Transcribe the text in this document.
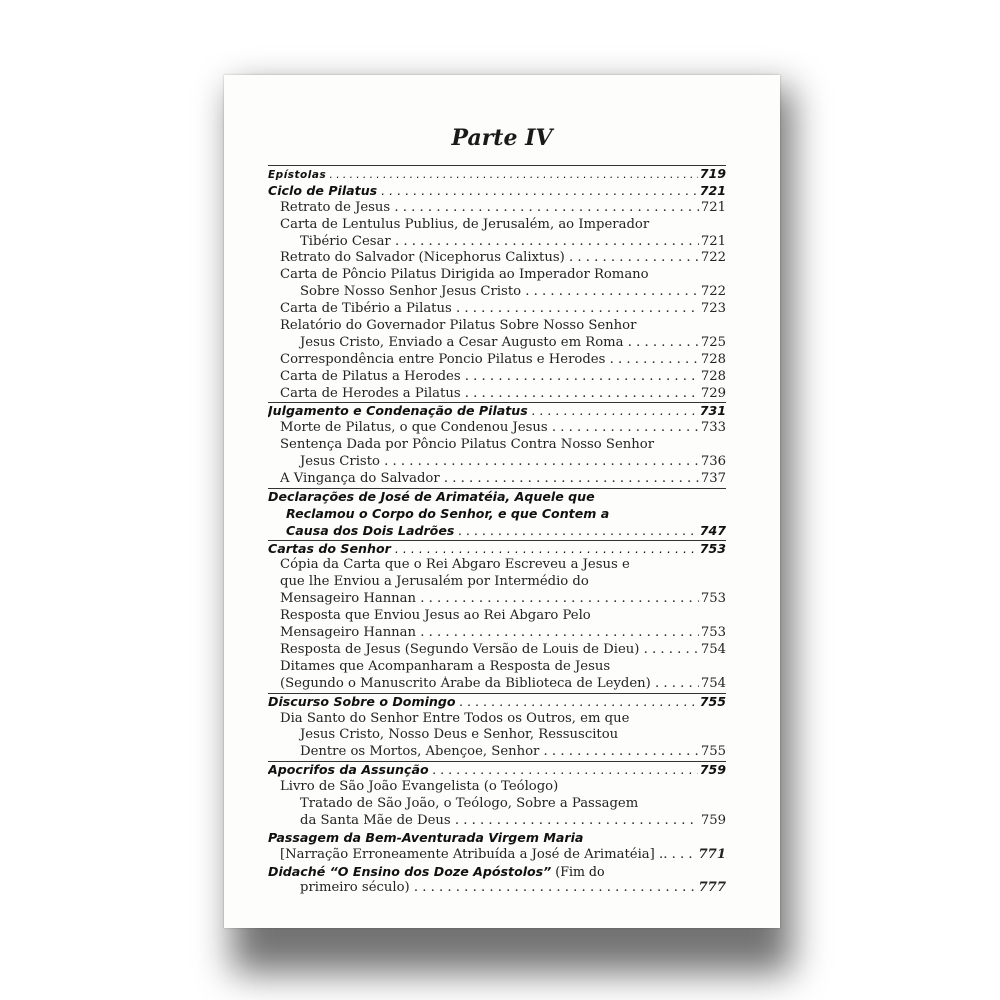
Parte IV
Epístolas . . .	719
Ciclo de Pilatus . . .	721
Retrato de Jesus . . .	721
Carta de Lentulus Publius, de Jerusalém, ao Imperador
Tibério Cesar . . .	721
Retrato do Salvador (Nicephorus Calixtus) . . .	722
Carta de Pôncio Pilatus Dirigida ao Imperador Romano
Sobre Nosso Senhor Jesus Cristo . . .	722
Carta de Tibério a Pilatus . . .	723
Relatório do Governador Pilatus Sobre Nosso Senhor
Jesus Cristo, Enviado a Cesar Augusto em Roma . . .	725
Correspondência entre Poncio Pilatus e Herodes . . .	728
Carta de Pilatus a Herodes . . .	728
Carta de Herodes a Pilatus . . .	729
Julgamento e Condenação de Pilatus . . .	731
Morte de Pilatus, o que Condenou Jesus . . .	733
Sentença Dada por Pôncio Pilatus Contra Nosso Senhor
Jesus Cristo . . .	736
A Vingança do Salvador . . .	737
Declarações de José de Arimatéia, Aquele que
Reclamou o Corpo do Senhor, e que Contem a
Causa dos Dois Ladrões . . .	747
Cartas do Senhor . . .	753
Cópia da Carta que o Rei Abgaro Escreveu a Jesus e
que lhe Enviou a Jerusalém por Intermédio do
Mensageiro Hannan . . .	753
Resposta que Enviou Jesus ao Rei Abgaro Pelo
Mensageiro Hannan . . .	753
Resposta de Jesus (Segundo Versão de Louis de Dieu) . . .	754
Ditames que Acompanharam a Resposta de Jesus
(Segundo o Manuscrito Árabe da Biblioteca de Leyden) . . .	754
Discurso Sobre o Domingo . . .	755
Dia Santo do Senhor Entre Todos os Outros, em que
Jesus Cristo, Nosso Deus e Senhor, Ressuscitou
Dentre os Mortos, Abençoe, Senhor . . .	755
Apocrifos da Assunção . . .	759
Livro de São João Evangelista (o Teólogo)
Tratado de São João, o Teólogo, Sobre a Passagem
da Santa Mãe de Deus . . .	759
Passagem da Bem-Aventurada Virgem Maria
[Narração Erroneamente Atribuída a José de Arimatéia] .. . . . 771
Didaché “O Ensino dos Doze Apóstolos” (Fim do
primeiro século) . . .	777
